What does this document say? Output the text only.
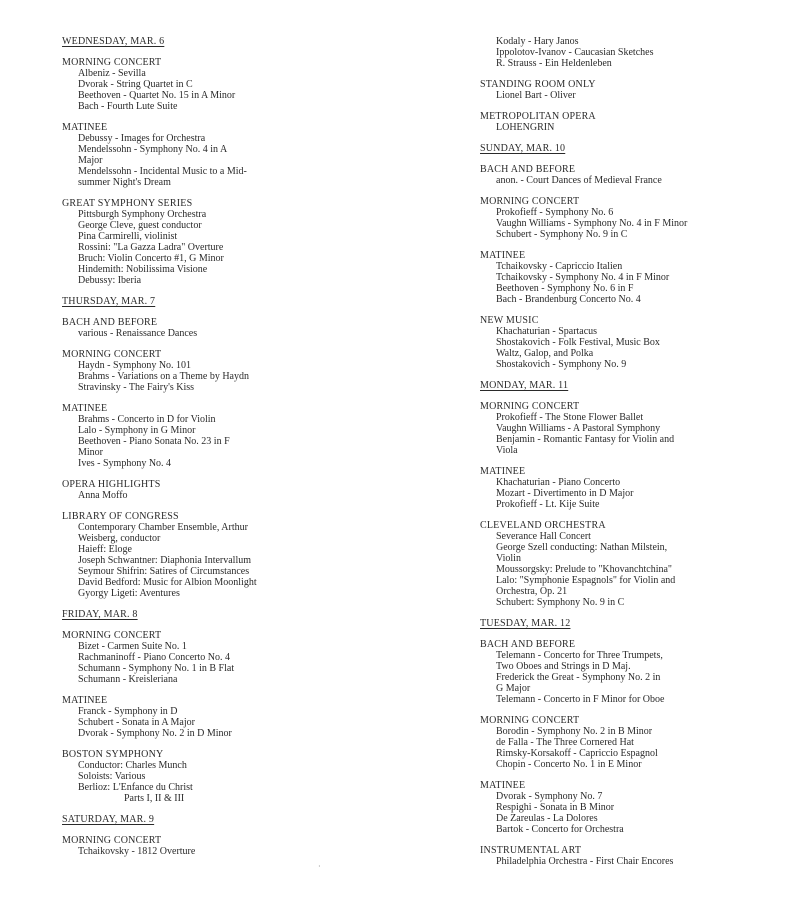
WEDNESDAY, MAR. 6
MORNING CONCERT
Albeniz - Sevilla
Dvorak - String Quartet in C
Beethoven - Quartet No. 15 in A Minor
Bach - Fourth Lute Suite
MATINEE
Debussy - Images for Orchestra
Mendelssohn - Symphony No. 4 in A
Major
Mendelssohn - Incidental Music to a Mid-
summer Night's Dream
GREAT SYMPHONY SERIES
Pittsburgh Symphony Orchestra
George Cleve, guest conductor
Pina Carmirelli, violinist
Rossini: "La Gazza Ladra" Overture
Bruch: Violin Concerto #1, G Minor
Hindemith: Nobilissima Visione
Debussy: Iberia
THURSDAY, MAR. 7
BACH AND BEFORE
various - Renaissance Dances
MORNING CONCERT
Haydn - Symphony No. 101
Brahms - Variations on a Theme by Haydn
Stravinsky - The Fairy's Kiss
MATINEE
Brahms - Concerto in D for Violin
Lalo - Symphony in G Minor
Beethoven - Piano Sonata No. 23 in F
Minor
Ives - Symphony No. 4
OPERA HIGHLIGHTS
Anna Moffo
LIBRARY OF CONGRESS
Contemporary Chamber Ensemble, Arthur
Weisberg, conductor
Haieff: Eloge
Joseph Schwantner: Diaphonia Intervallum
Seymour Shifrin: Satires of Circumstances
David Bedford: Music for Albion Moonlight
Gyorgy Ligeti: Aventures
FRIDAY, MAR. 8
MORNING CONCERT
Bizet - Carmen Suite No. 1
Rachmaninoff - Piano Concerto No. 4
Schumann - Symphony No. 1 in B Flat
Schumann - Kreisleriana
MATINEE
Franck - Symphony in D
Schubert - Sonata in A Major
Dvorak - Symphony No. 2 in D Minor
BOSTON SYMPHONY
Conductor: Charles Munch
Soloists: Various
Berlioz: L'Enfance du Christ
Parts I, II & III
SATURDAY, MAR. 9
MORNING CONCERT
Tchaikovsky - 1812 Overture
Kodaly - Hary Janos
Ippolotov-Ivanov - Caucasian Sketches
R. Strauss - Ein Heldenleben
STANDING ROOM ONLY
Lionel Bart - Oliver
METROPOLITAN OPERA
LOHENGRIN
SUNDAY, MAR. 10
BACH AND BEFORE
anon. - Court Dances of Medieval France
MORNING CONCERT
Prokofieff - Symphony No. 6
Vaughn Williams - Symphony No. 4 in F Minor
Schubert - Symphony No. 9 in C
MATINEE
Tchaikovsky - Capriccio Italien
Tchaikovsky - Symphony No. 4 in F Minor
Beethoven - Symphony No. 6 in F
Bach - Brandenburg Concerto No. 4
NEW MUSIC
Khachaturian - Spartacus
Shostakovich - Folk Festival, Music Box
Waltz, Galop, and Polka
Shostakovich - Symphony No. 9
MONDAY, MAR. 11
MORNING CONCERT
Prokofieff - The Stone Flower Ballet
Vaughn Williams - A Pastoral Symphony
Benjamin - Romantic Fantasy for Violin and
Viola
MATINEE
Khachaturian - Piano Concerto
Mozart - Divertimento in D Major
Prokofieff - Lt. Kije Suite
CLEVELAND ORCHESTRA
Severance Hall Concert
George Szell conducting: Nathan Milstein,
Violin
Moussorgsky: Prelude to "Khovanchtchina"
Lalo: "Symphonie Espagnols" for Violin and
Orchestra, Op. 21
Schubert: Symphony No. 9 in C
TUESDAY, MAR. 12
BACH AND BEFORE
Telemann - Concerto for Three Trumpets,
Two Oboes and Strings in D Maj.
Frederick the Great - Symphony No. 2 in
G Major
Telemann - Concerto in F Minor for Oboe
MORNING CONCERT
Borodin - Symphony No. 2 in B Minor
de Falla - The Three Cornered Hat
Rimsky-Korsakoff - Capriccio Espagnol
Chopin - Concerto No. 1 in E Minor
MATINEE
Dvorak - Symphony No. 7
Respighi - Sonata in B Minor
De Zareulas - La Dolores
Bartok - Concerto for Orchestra
INSTRUMENTAL ART
Philadelphia Orchestra - First Chair Encores
·
